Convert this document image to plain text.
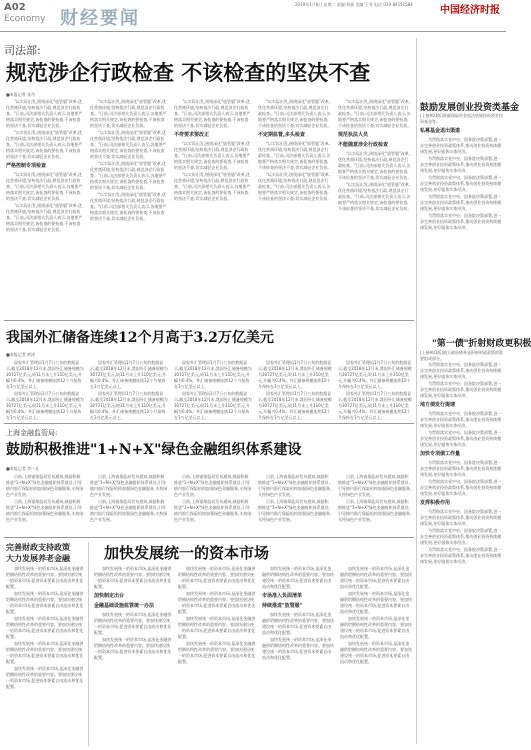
A02
Economy 财经要闻
2019年1月8日 星期二 责编:刘强 美编:王冬 电话:010-84151584
中国经济时报
司法部:
规范涉企行政检查 不该检查的坚决不查
■本报记者 张丹

"以实际出发,围绕深化"放管服"改革,优化营商环境,坚持依法行政,规范涉企行政检查。"日前,司法部相关负责人表示,各地要严格落实相关规定,该检查的要检查,不该检查的坚决不查,切实减轻企业负担。

"以实际出发,围绕深化"放管服"改革,优化营商环境,坚持依法行政,规范涉企行政检查。"日前,司法部相关负责人表示,各地要严格落实相关规定,该检查的要检查,不该检查的坚决不查,切实减轻企业负担。

严格控制专项检查

"以实际出发,围绕深化"放管服"改革,优化营商环境,坚持依法行政,规范涉企行政检查。"日前,司法部相关负责人表示,各地要严格落实相关规定,该检查的要检查,不该检查的坚决不查,切实减轻企业负担。

"以实际出发,围绕深化"放管服"改革,优化营商环境,坚持依法行政,规范涉企行政检查。"日前,司法部相关负责人表示,各地要严格落实相关规定,该检查的要检查,不该检查的坚决不查,切实减轻企业负担。

"以实际出发,围绕深化"放管服"改革,优化营商环境,坚持依法行政,规范涉企行政检查。"日前,司法部相关负责人表示,各地要严格落实相关规定,该检查的要检查,不该检查的坚决不查,切实减轻企业负担。

"以实际出发,围绕深化"放管服"改革,优化营商环境,坚持依法行政,规范涉企行政检查。"日前,司法部相关负责人表示,各地要严格落实相关规定,该检查的要检查,不该检查的坚决不查,切实减轻企业负担。

"以实际出发,围绕深化"放管服"改革,优化营商环境,坚持依法行政,规范涉企行政检查。"日前,司法部相关负责人表示,各地要严格落实相关规定,该检查的要检查,不该检查的坚决不查,切实减轻企业负担。

"以实际出发,围绕深化"放管服"改革,优化营商环境,坚持依法行政,规范涉企行政检查。"日前,司法部相关负责人表示,各地要严格落实相关规定,该检查的要检查,不该检查的坚决不查,切实减轻企业负担。

"以实际出发,围绕深化"放管服"改革,优化营商环境,坚持依法行政,规范涉企行政检查。"日前,司法部相关负责人表示,各地要严格落实相关规定,该检查的要检查,不该检查的坚决不查,切实减轻企业负担。

不符要求要改正

"以实际出发,围绕深化"放管服"改革,优化营商环境,坚持依法行政,规范涉企行政检查。"日前,司法部相关负责人表示,各地要严格落实相关规定,该检查的要检查,不该检查的坚决不查,切实减轻企业负担。

"以实际出发,围绕深化"放管服"改革,优化营商环境,坚持依法行政,规范涉企行政检查。"日前,司法部相关负责人表示,各地要严格落实相关规定,该检查的要检查,不该检查的坚决不查,切实减轻企业负担。

"以实际出发,围绕深化"放管服"改革,优化营商环境,坚持依法行政,规范涉企行政检查。"日前,司法部相关负责人表示,各地要严格落实相关规定,该检查的要检查,不该检查的坚决不查,切实减轻企业负担。

不定期监督,多头检查

"以实际出发,围绕深化"放管服"改革,优化营商环境,坚持依法行政,规范涉企行政检查。"日前,司法部相关负责人表示,各地要严格落实相关规定,该检查的要检查,不该检查的坚决不查,切实减轻企业负担。

"以实际出发,围绕深化"放管服"改革,优化营商环境,坚持依法行政,规范涉企行政检查。"日前,司法部相关负责人表示,各地要严格落实相关规定,该检查的要检查,不该检查的坚决不查,切实减轻企业负担。

"以实际出发,围绕深化"放管服"改革,优化营商环境,坚持依法行政,规范涉企行政检查。"日前,司法部相关负责人表示,各地要严格落实相关规定,该检查的要检查,不该检查的坚决不查,切实减轻企业负担。

规范执法人员
不能随意涉企行政检查

"以实际出发,围绕深化"放管服"改革,优化营商环境,坚持依法行政,规范涉企行政检查。"日前,司法部相关负责人表示,各地要严格落实相关规定,该检查的要检查,不该检查的坚决不查,切实减轻企业负担。

"以实际出发,围绕深化"放管服"改革,优化营商环境,坚持依法行政,规范涉企行政检查。"日前,司法部相关负责人表示,各地要严格落实相关规定,该检查的要检查,不该检查的坚决不查,切实减轻企业负担。

鼓励发展创业投资类基金
(上接A01版)鼓励保险资金依法依规投资创业投资基金等。
私募基金退出渠道

为贯彻落实党中央、国务院决策部署,进一步完善创业投资政策体系,推动创业投资持续健康发展,更好服务实体经济。

为贯彻落实党中央、国务院决策部署,进一步完善创业投资政策体系,推动创业投资持续健康发展,更好服务实体经济。

为贯彻落实党中央、国务院决策部署,进一步完善创业投资政策体系,推动创业投资持续健康发展,更好服务实体经济。

为贯彻落实党中央、国务院决策部署,进一步完善创业投资政策体系,推动创业投资持续健康发展,更好服务实体经济。

为贯彻落实党中央、国务院决策部署,进一步完善创业投资政策体系,推动创业投资持续健康发展,更好服务实体经济。

"第一债"折射财政更积极
(上接A01版)地方政府债券是积极财政政策的重要组成部分。

为贯彻落实党中央、国务院决策部署,进一步完善创业投资政策体系,推动创业投资持续健康发展,更好服务实体经济。

为贯彻落实党中央、国务院决策部署,进一步完善创业投资政策体系,推动创业投资持续健康发展,更好服务实体经济。

地方债发行提速

为贯彻落实党中央、国务院决策部署,进一步完善创业投资政策体系,推动创业投资持续健康发展,更好服务实体经济。

为贯彻落实党中央、国务院决策部署,进一步完善创业投资政策体系,推动创业投资持续健康发展,更好服务实体经济。

加快专项债工作量

为贯彻落实党中央、国务院决策部署,进一步完善创业投资政策体系,推动创业投资持续健康发展,更好服务实体经济。

为贯彻落实党中央、国务院决策部署,进一步完善创业投资政策体系,推动创业投资持续健康发展,更好服务实体经济。

发挥积极作用

为贯彻落实党中央、国务院决策部署,进一步完善创业投资政策体系,推动创业投资持续健康发展,更好服务实体经济。

为贯彻落实党中央、国务院决策部署,进一步完善创业投资政策体系,推动创业投资持续健康发展,更好服务实体经济。

为贯彻落实党中央、国务院决策部署,进一步完善创业投资政策体系,推动创业投资持续健康发展,更好服务实体经济。

我国外汇储备连续12个月高于3.2万亿美元
■本报记者 黄涛

国家外汇管理局1月7日公布的数据显示,截至2018年12月末,我国外汇储备规模为30727亿美元,较11月末上升110亿美元,升幅为0.4%。外汇储备规模连续12个月保持在3万亿美元以上。

国家外汇管理局1月7日公布的数据显示,截至2018年12月末,我国外汇储备规模为30727亿美元,较11月末上升110亿美元,升幅为0.4%。外汇储备规模连续12个月保持在3万亿美元以上。

国家外汇管理局1月7日公布的数据显示,截至2018年12月末,我国外汇储备规模为30727亿美元,较11月末上升110亿美元,升幅为0.4%。外汇储备规模连续12个月保持在3万亿美元以上。

国家外汇管理局1月7日公布的数据显示,截至2018年12月末,我国外汇储备规模为30727亿美元,较11月末上升110亿美元,升幅为0.4%。外汇储备规模连续12个月保持在3万亿美元以上。

国家外汇管理局1月7日公布的数据显示,截至2018年12月末,我国外汇储备规模为30727亿美元,较11月末上升110亿美元,升幅为0.4%。外汇储备规模连续12个月保持在3万亿美元以上。

国家外汇管理局1月7日公布的数据显示,截至2018年12月末,我国外汇储备规模为30727亿美元,较11月末上升110亿美元,升幅为0.4%。外汇储备规模连续12个月保持在3万亿美元以上。

国家外汇管理局1月7日公布的数据显示,截至2018年12月末,我国外汇储备规模为30727亿美元,较11月末上升110亿美元,升幅为0.4%。外汇储备规模连续12个月保持在3万亿美元以上。

国家外汇管理局1月7日公布的数据显示,截至2018年12月末,我国外汇储备规模为30727亿美元,较11月末上升110亿美元,升幅为0.4%。外汇储备规模连续12个月保持在3万亿美元以上。

国家外汇管理局1月7日公布的数据显示,截至2018年12月末,我国外汇储备规模为30727亿美元,较11月末上升110亿美元,升幅为0.4%。外汇储备规模连续12个月保持在3万亿美元以上。

国家外汇管理局1月7日公布的数据显示,截至2018年12月末,我国外汇储备规模为30727亿美元,较11月末上升110亿美元,升幅为0.4%。外汇储备规模连续12个月保持在3万亿美元以上。

上海金融监管局:
鼓励积极推进"1+N+X"绿色金融组织体系建设
■本报记者 李一凡

日前,上海银保监局发布通知,鼓励积极推进"1+N+X"绿色金融组织体系建设,引导辖内银行保险机构加强绿色金融服务,支持绿色产业发展。

日前,上海银保监局发布通知,鼓励积极推进"1+N+X"绿色金融组织体系建设,引导辖内银行保险机构加强绿色金融服务,支持绿色产业发展。

日前,上海银保监局发布通知,鼓励积极推进"1+N+X"绿色金融组织体系建设,引导辖内银行保险机构加强绿色金融服务,支持绿色产业发展。

日前,上海银保监局发布通知,鼓励积极推进"1+N+X"绿色金融组织体系建设,引导辖内银行保险机构加强绿色金融服务,支持绿色产业发展。

日前,上海银保监局发布通知,鼓励积极推进"1+N+X"绿色金融组织体系建设,引导辖内银行保险机构加强绿色金融服务,支持绿色产业发展。

日前,上海银保监局发布通知,鼓励积极推进"1+N+X"绿色金融组织体系建设,引导辖内银行保险机构加强绿色金融服务,支持绿色产业发展。

日前,上海银保监局发布通知,鼓励积极推进"1+N+X"绿色金融组织体系建设,引导辖内银行保险机构加强绿色金融服务,支持绿色产业发展。

日前,上海银保监局发布通知,鼓励积极推进"1+N+X"绿色金融组织体系建设,引导辖内银行保险机构加强绿色金融服务,支持绿色产业发展。

日前,上海银保监局发布通知,鼓励积极推进"1+N+X"绿色金融组织体系建设,引导辖内银行保险机构加强绿色金融服务,支持绿色产业发展。

日前,上海银保监局发布通知,鼓励积极推进"1+N+X"绿色金融组织体系建设,引导辖内银行保险机构加强绿色金融服务,支持绿色产业发展。

完善财政支持政策
大力发展养老金融 加快发展统一的资本市场

加快发展统一的资本市场,是深化金融供给侧结构性改革的重要内容。要加快建设统一的资本市场,促进资本要素自由流动和优化配置。

加快发展统一的资本市场,是深化金融供给侧结构性改革的重要内容。要加快建设统一的资本市场,促进资本要素自由流动和优化配置。

加快发展统一的资本市场,是深化金融供给侧结构性改革的重要内容。要加快建设统一的资本市场,促进资本要素自由流动和优化配置。

加快发展统一的资本市场,是深化金融供给侧结构性改革的重要内容。要加快建设统一的资本市场,促进资本要素自由流动和优化配置。

加快发展统一的资本市场,是深化金融供给侧结构性改革的重要内容。要加快建设统一的资本市场,促进资本要素自由流动和优化配置。

加快发展统一的资本市场,是深化金融供给侧结构性改革的重要内容。要加快建设统一的资本市场,促进资本要素自由流动和优化配置。

加快制定出台
金融基础设施监管统一办法

加快发展统一的资本市场,是深化金融供给侧结构性改革的重要内容。要加快建设统一的资本市场,促进资本要素自由流动和优化配置。

加快发展统一的资本市场,是深化金融供给侧结构性改革的重要内容。要加快建设统一的资本市场,促进资本要素自由流动和优化配置。

加快发展统一的资本市场,是深化金融供给侧结构性改革的重要内容。要加快建设统一的资本市场,促进资本要素自由流动和优化配置。

加快发展统一的资本市场,是深化金融供给侧结构性改革的重要内容。要加快建设统一的资本市场,促进资本要素自由流动和优化配置。

加快发展统一的资本市场,是深化金融供给侧结构性改革的重要内容。要加快建设统一的资本市场,促进资本要素自由流动和优化配置。

加快发展统一的资本市场,是深化金融供给侧结构性改革的重要内容。要加快建设统一的资本市场,促进资本要素自由流动和优化配置。

加快发展统一的资本市场,是深化金融供给侧结构性改革的重要内容。要加快建设统一的资本市场,促进资本要素自由流动和优化配置。

市场准入负面清单
持续推进"放管服"

加快发展统一的资本市场,是深化金融供给侧结构性改革的重要内容。要加快建设统一的资本市场,促进资本要素自由流动和优化配置。

加快发展统一的资本市场,是深化金融供给侧结构性改革的重要内容。要加快建设统一的资本市场,促进资本要素自由流动和优化配置。

加快发展统一的资本市场,是深化金融供给侧结构性改革的重要内容。要加快建设统一的资本市场,促进资本要素自由流动和优化配置。

加快发展统一的资本市场,是深化金融供给侧结构性改革的重要内容。要加快建设统一的资本市场,促进资本要素自由流动和优化配置。

加快发展统一的资本市场,是深化金融供给侧结构性改革的重要内容。要加快建设统一的资本市场,促进资本要素自由流动和优化配置。

加快发展统一的资本市场,是深化金融供给侧结构性改革的重要内容。要加快建设统一的资本市场,促进资本要素自由流动和优化配置。
